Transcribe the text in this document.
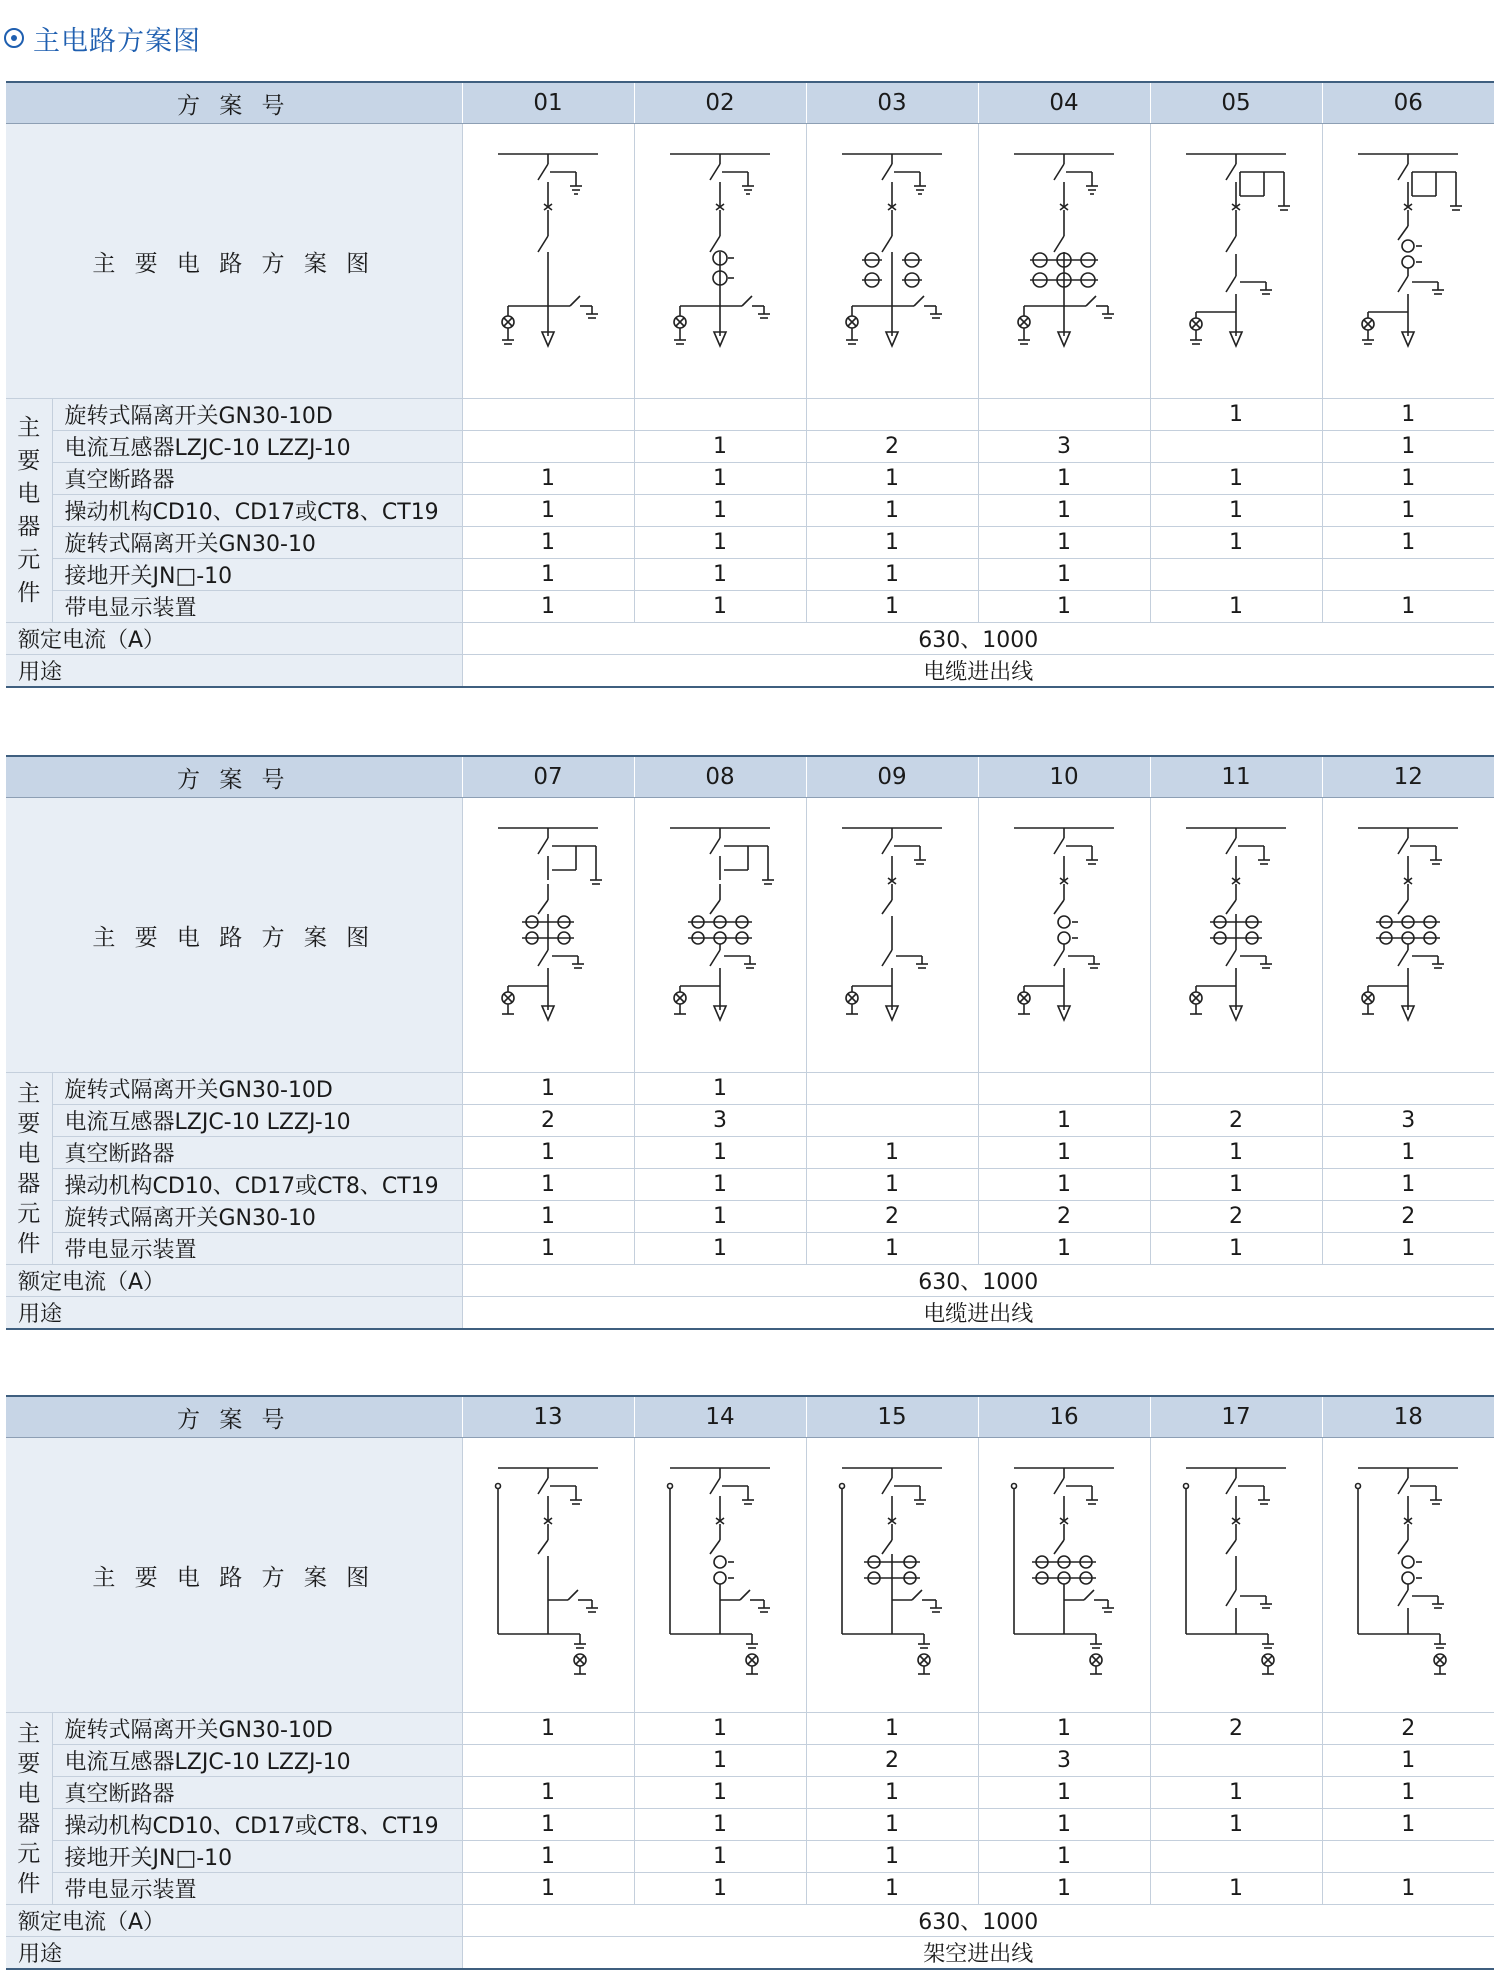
主电路方案图
方 案 号		01	02	03	04	05	06
主 要 电 路 方 案 图	

主要电器元件	旋转式隔离开关GN30-10D					1	1
	电流互感器LZJC-10 LZZJ-10		1	2	3		1
	真空断路器	1	1	1	1	1	1
	操动机构CD10、CD17或CT8、CT19	1	1	1	1	1	1
	旋转式隔离开关GN30-10	1	1	1	1	1	1
	接地开关JN□-10	1	1	1	1		
	带电显示装置	1	1	1	1	1	1
额定电流（A）		630、1000					
用途		电缆进出线					
方 案 号		07	08	09	10	11	12
主 要 电 路 方 案 图	

主要电器元件	旋转式隔离开关GN30-10D	1	1				
	电流互感器LZJC-10 LZZJ-10	2	3		1	2	3
	真空断路器	1	1	1	1	1	1
	操动机构CD10、CD17或CT8、CT19	1	1	1	1	1	1
	旋转式隔离开关GN30-10	1	1	2	2	2	2
	带电显示装置	1	1	1	1	1	1
额定电流（A）		630、1000					
用途		电缆进出线					
方 案 号		13	14	15	16	17	18
主 要 电 路 方 案 图	

主要电器元件	旋转式隔离开关GN30-10D	1	1	1	1	2	2
	电流互感器LZJC-10 LZZJ-10		1	2	3		1
	真空断路器	1	1	1	1	1	1
	操动机构CD10、CD17或CT8、CT19	1	1	1	1	1	1
	接地开关JN□-10	1	1	1	1		
	带电显示装置	1	1	1	1	1	1
额定电流（A）		630、1000					
用途		架空进出线					
